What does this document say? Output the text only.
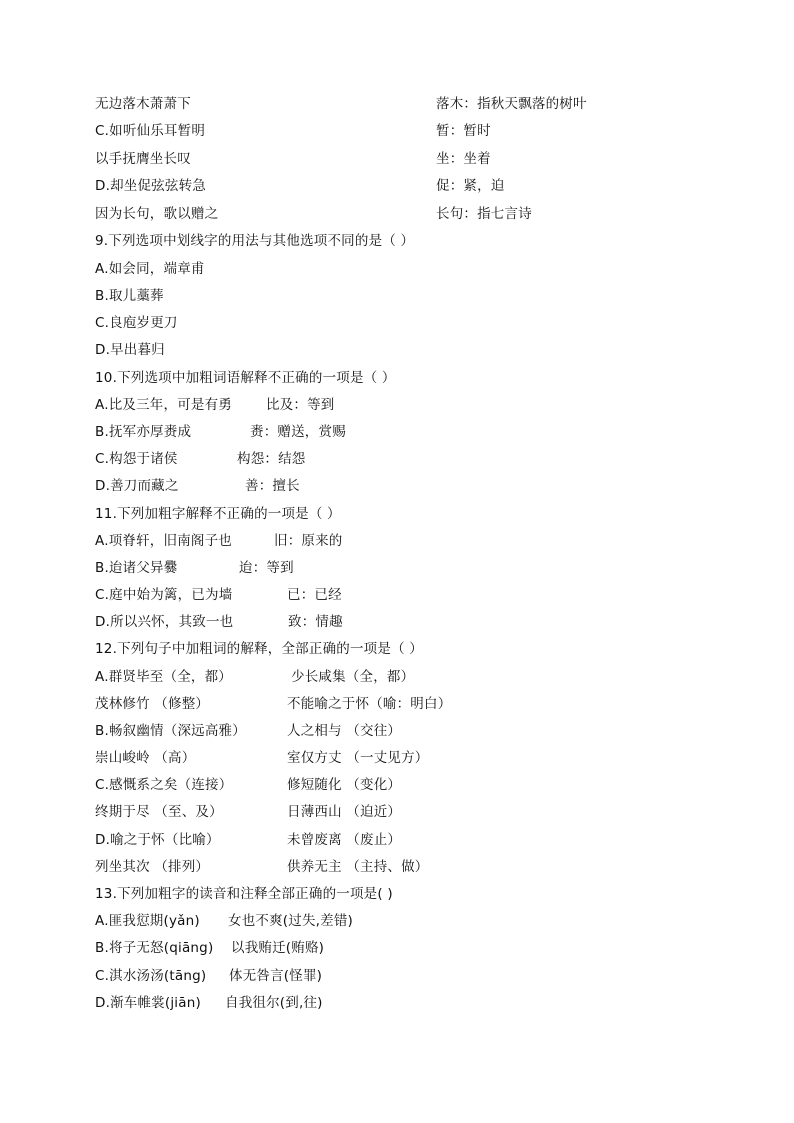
无边落木萧萧下	落木：指秋天飘落的树叶
C.如听仙乐耳暂明	暂：暂时
以手抚膺坐长叹	坐：坐着
D.却坐促弦弦转急	促：紧，迫
因为长句，歌以赠之	长句：指七言诗
9.下列选项中划线字的用法与其他选项不同的是（ ）
A.如会同，端章甫
B.取儿藁葬
C.良庖岁更刀
D.早出暮归
10.下列选项中加粗词语解释不正确的一项是（ ）
A.比及三年，可是有勇	比及：等到
B.抚军亦厚赉成	赉：赠送，赏赐
C.构怨于诸侯	构怨：结怨
D.善刀而藏之	善：擅长
11.下列加粗字解释不正确的一项是（ ）
A.项脊轩，旧南阁子也	旧：原来的
B.迨诸父异爨	迨：等到
C.庭中始为篱，已为墙	已：已经
D.所以兴怀，其致一也	致：情趣
12.下列句子中加粗词的解释，全部正确的一项是（ ）
A.群贤毕至（全，都）	少长咸集（全，都）
茂林修竹 （修整）	不能喻之于怀（喻：明白）
B.畅叙幽情（深远高雅）	人之相与 （交往）
崇山峻岭 （高）	室仅方丈 （一丈见方）
C.感慨系之矣（连接）	修短随化 （变化）
终期于尽 （至、及）	日薄西山 （迫近）
D.喻之于怀（比喻）	未曾废离 （废止）
列坐其次 （排列）	供养无主 （主持、做）
13.下列加粗字的读音和注释全部正确的一项是( )
A.匪我愆期(yǎn) 女也不爽(过失,差错)
B.将子无怒(qiāng) 以我贿迁(贿赂)
C.淇水汤汤(tāng) 体无咎言(怪罪)
D.渐车帷裳(jiān) 自我徂尔(到,往)
